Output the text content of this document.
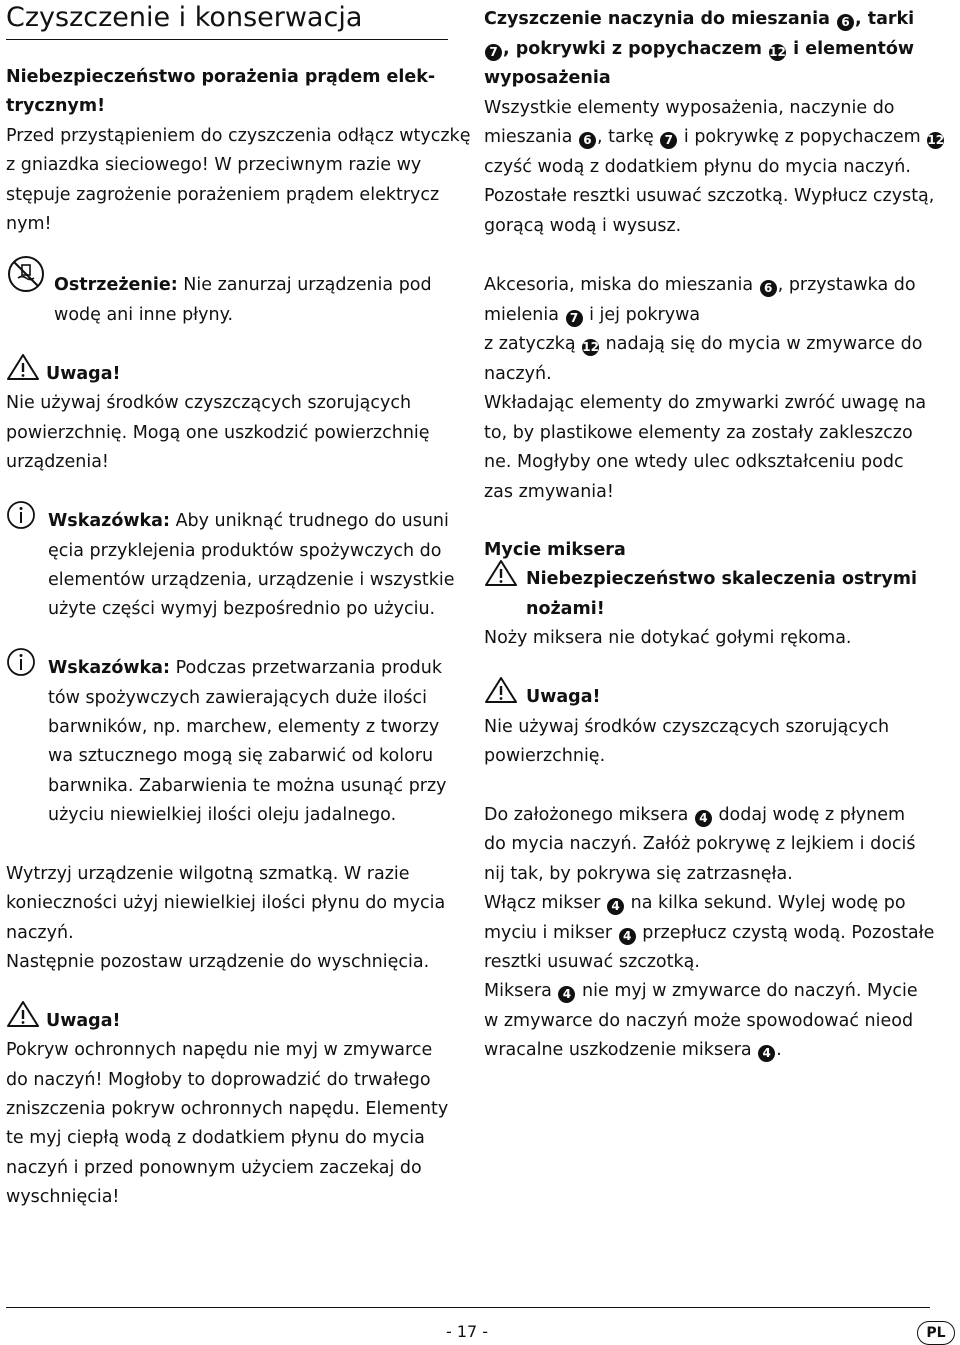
Czyszczenie i konserwacja
Niebezpieczeństwo porażenia prądem elek-
trycznym!
Przed przystąpieniem do czyszczenia odłącz wtyczkę
z gniazdka sieciowego! W przeciwnym razie wy
stępuje zagrożenie porażeniem prądem elektrycz
nym!
Ostrzeżenie: Nie zanurzaj urządzenia pod
wodę ani inne płyny.
Uwaga!
Nie używaj środków czyszczących szorujących
powierzchnię. Mogą one uszkodzić powierzchnię
urządzenia!
Wskazówka: Aby uniknąć trudnego do usuni
ęcia przyklejenia produktów spożywczych do
elementów urządzenia, urządzenie i wszystkie
użyte części wymyj bezpośrednio po użyciu.
Wskazówka: Podczas przetwarzania produk
tów spożywczych zawierających duże ilości
barwników, np. marchew, elementy z tworzy
wa sztucznego mogą się zabarwić od koloru
barwnika. Zabarwienia te można usunąć przy
użyciu niewielkiej ilości oleju jadalnego.
Wytrzyj urządzenie wilgotną szmatką. W razie
konieczności użyj niewielkiej ilości płynu do mycia
naczyń.
Następnie pozostaw urządzenie do wyschnięcia.
Uwaga!
Pokryw ochronnych napędu nie myj w zmywarce
do naczyń! Mogłoby to doprowadzić do trwałego
zniszczenia pokryw ochronnych napędu. Elementy
te myj ciepłą wodą z dodatkiem płynu do mycia
naczyń i przed ponownym użyciem zaczekaj do
wyschnięcia!
Czyszczenie naczynia do mieszania 6 , tarki
7 , pokrywki z popychaczem 12 i elementów
wyposażenia
Wszystkie elementy wyposażenia, naczynie do
mieszania 6 , tarkę 7 i pokrywkę z popychaczem 12
czyść wodą z dodatkiem płynu do mycia naczyń.
Pozostałe resztki usuwać szczotką. Wypłucz czystą,
gorącą wodą i wysusz.
Akcesoria, miska do mieszania 6 , przystawka do
mielenia 7 i jej pokrywa
z zatyczką 12 nadają się do mycia w zmywarce do
naczyń.
Wkładając elementy do zmywarki zwróć uwagę na
to, by plastikowe elementy za zostały zakleszczo
ne. Mogłyby one wtedy ulec odkształceniu podc
zas zmywania!
Mycie miksera
Niebezpieczeństwo skaleczenia ostrymi
nożami!
Noży miksera nie dotykać gołymi rękoma.
Uwaga!
Nie używaj środków czyszczących szorujących
powierzchnię.
Do założonego miksera 4 dodaj wodę z płynem
do mycia naczyń. Załóż pokrywę z lejkiem i dociś
nij tak, by pokrywa się zatrzasnęła.
Włącz mikser 4 na kilka sekund. Wylej wodę po
myciu i mikser 4 przepłucz czystą wodą. Pozostałe
resztki usuwać szczotką.
Miksera 4 nie myj w zmywarce do naczyń. Mycie
w zmywarce do naczyń może spowodować nieod
wracalne uszkodzenie miksera 4 .
- 17 -	PL
